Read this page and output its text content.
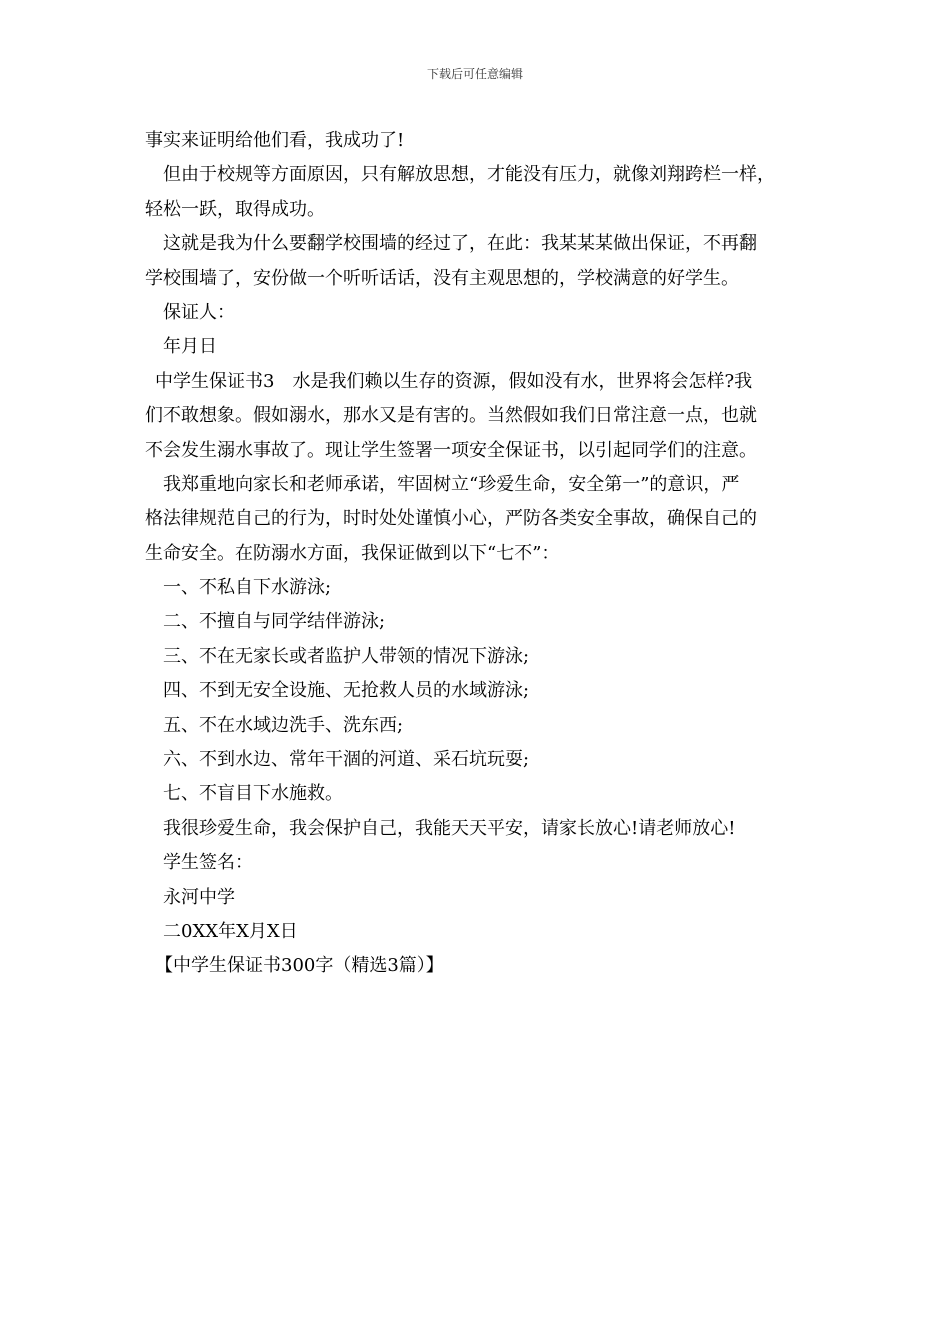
下载后可任意编辑
事实来证明给他们看，我成功了!
但由于校规等方面原因，只有解放思想，才能没有压力，就像刘翔跨栏一样，
轻松一跃，取得成功。
这就是我为什么要翻学校围墙的经过了，在此：我某某某做出保证，不再翻
学校围墙了，安份做一个听听话话，没有主观思想的，学校满意的好学生。
保证人：
年月日
中学生保证书3　水是我们赖以生存的资源，假如没有水，世界将会怎样?我
们不敢想象。假如溺水，那水又是有害的。当然假如我们日常注意一点，也就
不会发生溺水事故了。现让学生签署一项安全保证书，以引起同学们的注意。
我郑重地向家长和老师承诺，牢固树立“珍爱生命，安全第一”的意识，严
格法律规范自己的行为，时时处处谨慎小心，严防各类安全事故，确保自己的
生命安全。在防溺水方面，我保证做到以下“七不”：
一、不私自下水游泳;
二、不擅自与同学结伴游泳;
三、不在无家长或者监护人带领的情况下游泳;
四、不到无安全设施、无抢救人员的水域游泳;
五、不在水域边洗手、洗东西;
六、不到水边、常年干涸的河道、采石坑玩耍;
七、不盲目下水施救。
我很珍爱生命，我会保护自己，我能天天平安，请家长放心!请老师放心!
学生签名：
永河中学
二0XX年X月X日
【中学生保证书300字（精选3篇）】
